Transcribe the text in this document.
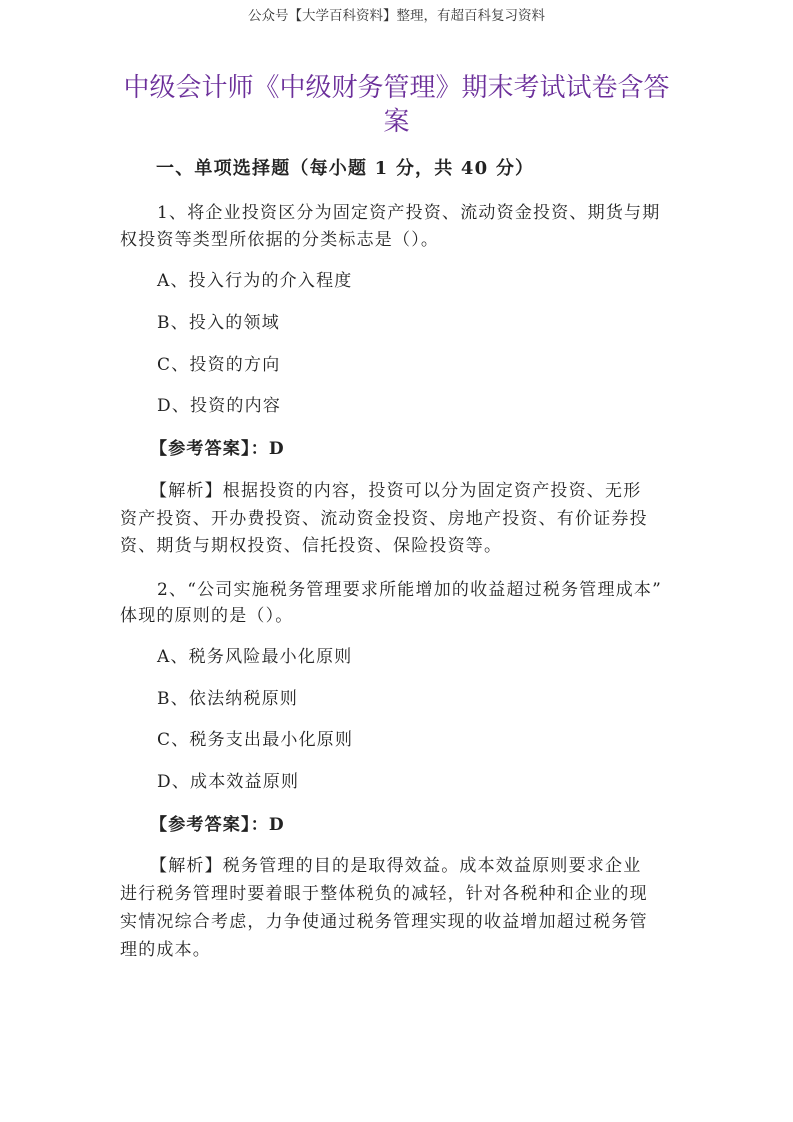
公众号【大学百科资料】整理，有超百科复习资料
中级会计师《中级财务管理》期末考试试卷含答
案
一、单项选择题（每小题 1 分，共 40 分）
1、将企业投资区分为固定资产投资、流动资金投资、期货与期
权投资等类型所依据的分类标志是（）。
A、投入行为的介入程度
B、投入的领域
C、投资的方向
D、投资的内容
【参考答案】：D
【解析】根据投资的内容，投资可以分为固定资产投资、无形
资产投资、开办费投资、流动资金投资、房地产投资、有价证券投
资、期货与期权投资、信托投资、保险投资等。
2、“公司实施税务管理要求所能增加的收益超过税务管理成本”
体现的原则的是（）。
A、税务风险最小化原则
B、依法纳税原则
C、税务支出最小化原则
D、成本效益原则
【参考答案】：D
【解析】税务管理的目的是取得效益。成本效益原则要求企业
进行税务管理时要着眼于整体税负的减轻，针对各税种和企业的现
实情况综合考虑，力争使通过税务管理实现的收益增加超过税务管
理的成本。
